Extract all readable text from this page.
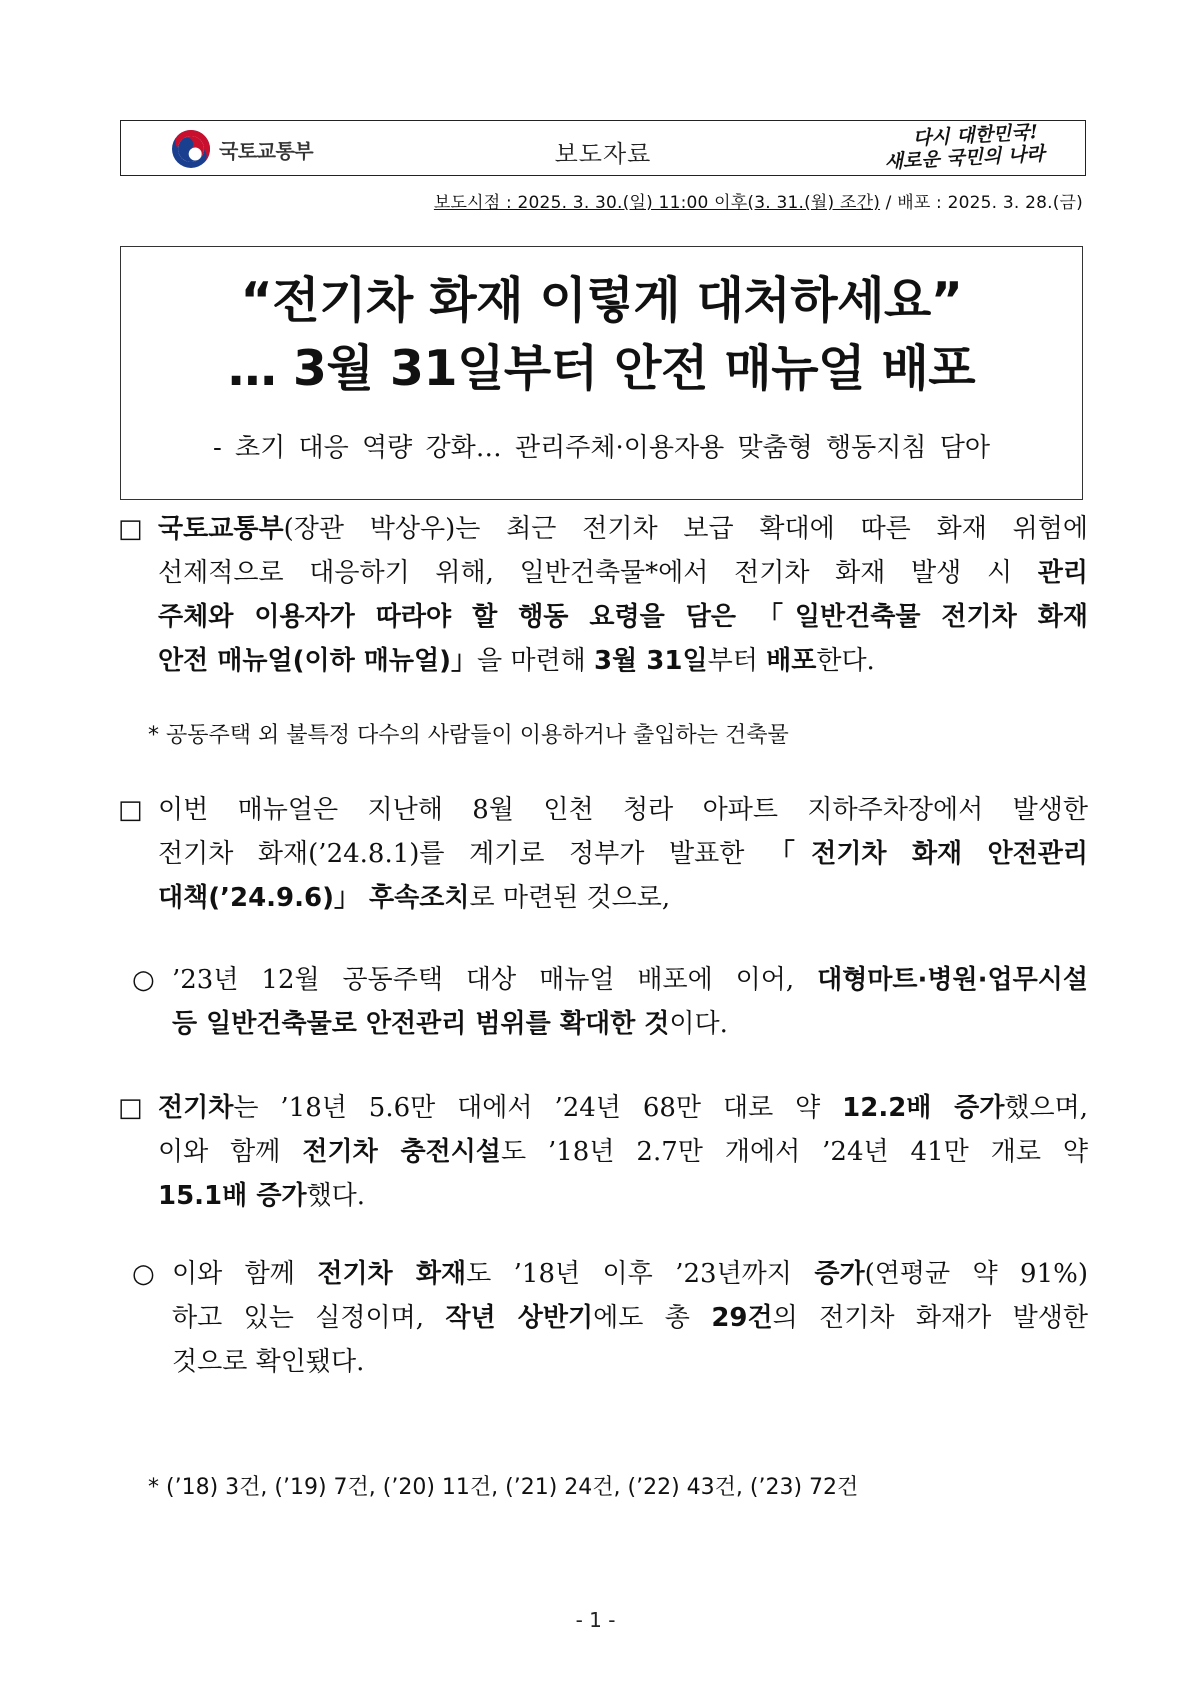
국토교통부	보도자료
다시 대한민국!
새로운 국민의 나라
보도시점 : 2025. 3. 30.(일) 11:00 이후(3. 31.(월) 조간) / 배포 : 2025. 3. 28.(금)
“전기차 화재 이렇게 대처하세요”
… 3월 31일부터 안전 매뉴얼 배포
- 초기 대응 역량 강화… 관리주체·이용자용 맞춤형 행동지침 담아
□ 국토교통부(장관 박상우)는 최근 전기차 보급 확대에 따른 화재 위험에
선제적으로 대응하기 위해, 일반건축물*에서 전기차 화재 발생 시 관리
주체와 이용자가 따라야 할 행동 요령을 담은 「일반건축물 전기차 화재
안전 매뉴얼(이하 매뉴얼)」을 마련해 3월 31일부터 배포한다.
* 공동주택 외 불특정 다수의 사람들이 이용하거나 출입하는 건축물
□ 이번 매뉴얼은 지난해 8월 인천 청라 아파트 지하주차장에서 발생한
전기차 화재(’24.8.1)를 계기로 정부가 발표한 「전기차 화재 안전관리
대책(’24.9.6)」 후속조치로 마련된 것으로,
○ ’23년 12월 공동주택 대상 매뉴얼 배포에 이어, 대형마트·병원·업무시설
등 일반건축물로 안전관리 범위를 확대한 것이다.
□ 전기차는 ’18년 5.6만 대에서 ’24년 68만 대로 약 12.2배 증가했으며,
이와 함께 전기차 충전시설도 ’18년 2.7만 개에서 ’24년 41만 개로 약
15.1배 증가했다.
○ 이와 함께 전기차 화재도 ’18년 이후 ’23년까지 증가(연평균 약 91%)
하고 있는 실정이며, 작년 상반기에도 총 29건의 전기차 화재가 발생한
것으로 확인됐다.
* (’18) 3건, (’19) 7건, (’20) 11건, (’21) 24건, (’22) 43건, (’23) 72건
- 1 -
